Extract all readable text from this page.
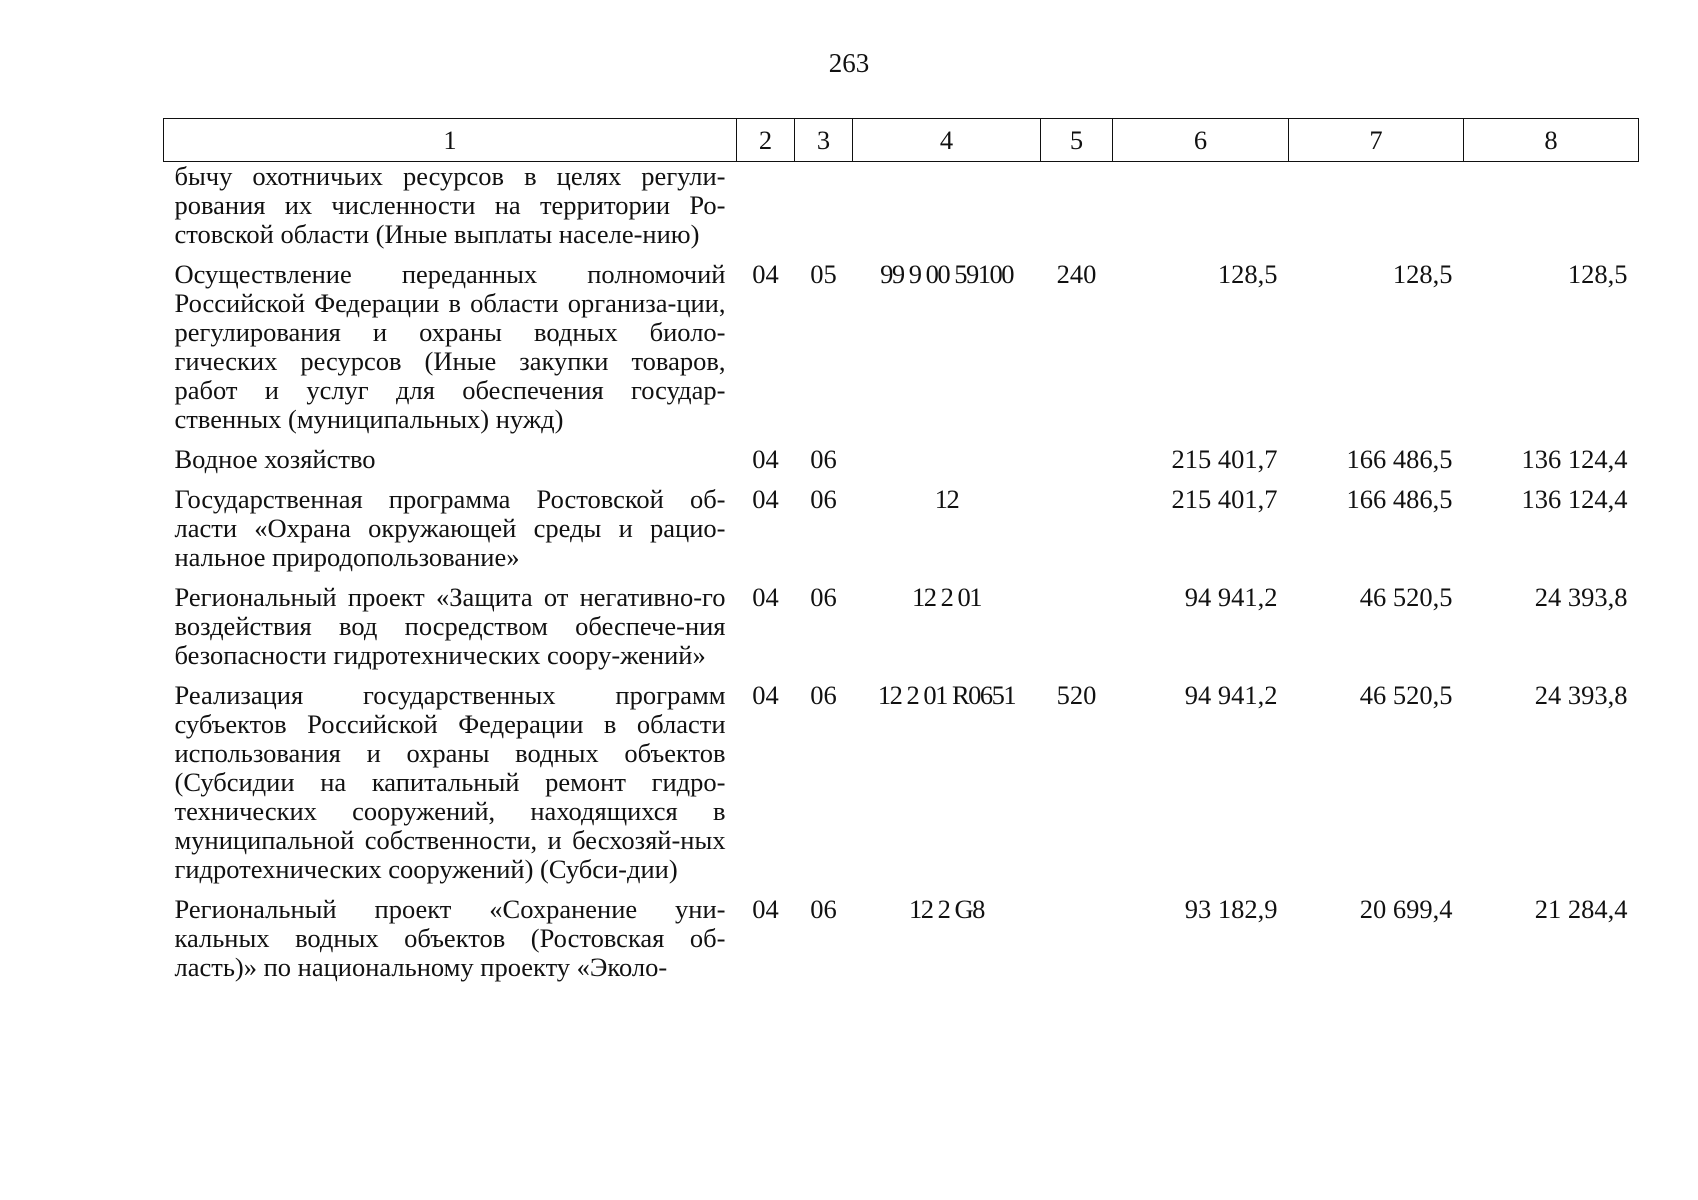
263
1	2	3	4	5	6	7	8
бычу охотничьих ресурсов в целях регули-рования их численности на территории Ро-стовской области (Иные выплаты населе-нию)							
Осуществление переданных полномочий Российской Федерации в области организа-ции, регулирования и охраны водных биоло-гических ресурсов (Иные закупки товаров, работ и услуг для обеспечения государ-ственных (муниципальных) нужд)	04	05	99 9 00 59100	240	128,5	128,5	128,5
Водное хозяйство	04	06			215 401,7	166 486,5	136 124,4
Государственная программа Ростовской об-ласти «Охрана окружающей среды и рацио-нальное природопользование»	04	06	12		215 401,7	166 486,5	136 124,4
Региональный проект «Защита от негативно-го воздействия вод посредством обеспече-ния безопасности гидротехнических соору-жений»	04	06	12 2 01		94 941,2	46 520,5	24 393,8
Реализация государственных программ субъектов Российской Федерации в области использования и охраны водных объектов (Субсидии на капитальный ремонт гидро-технических сооружений, находящихся в муниципальной собственности, и бесхозяй-ных гидротехнических сооружений) (Субси-дии)	04	06	12 2 01 R0651	520	94 941,2	46 520,5	24 393,8
Региональный проект «Сохранение уни-кальных водных объектов (Ростовская об-ласть)» по национальному проекту «Эколо-	04	06	12 2 G8		93 182,9	20 699,4	21 284,4
